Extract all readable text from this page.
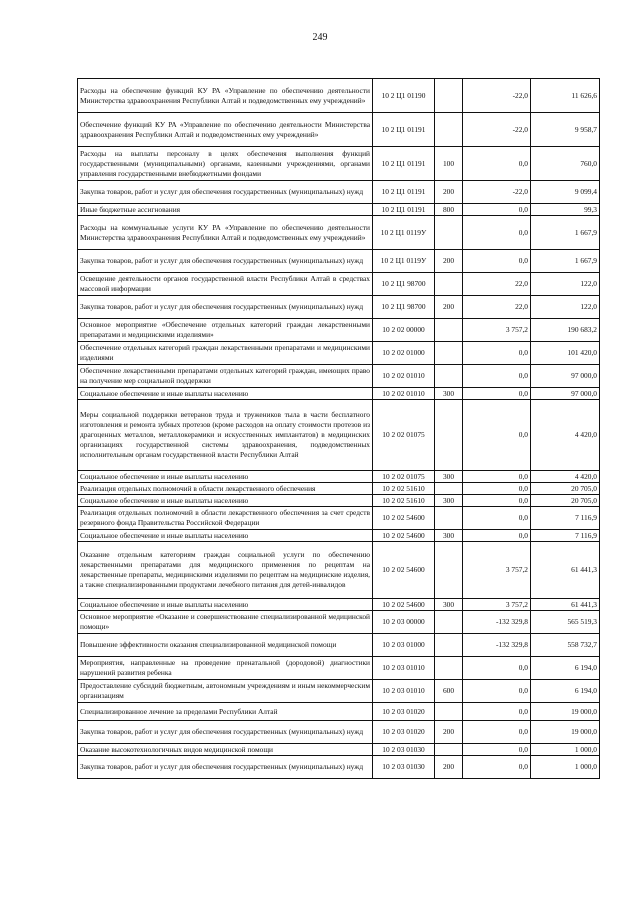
249
Расходы на обеспечение функций КУ РА «Управление по обеспечению деятельности Министерства здравоохранения Республики Алтай и подведомственных ему учреждений»	10 2 Ц1 01190		-22,0	11 626,6
Обеспечение функций КУ РА «Управление по обеспечению деятельности Министерства здравоохранения Республики Алтай и подведомственных ему учреждений»	10 2 Ц1 01191		-22,0	9 958,7
Расходы на выплаты персоналу в целях обеспечения выполнения функций государственными (муниципальными) органами, казенными учреждениями, органами управления государственными внебюджетными фондами	10 2 Ц1 01191	100	0,0	760,0
Закупка товаров, работ и услуг для обеспечения государственных (муниципальных) нужд	10 2 Ц1 01191	200	-22,0	9 099,4
Иные бюджетные ассигнования	10 2 Ц1 01191	800	0,0	99,3
Расходы на коммунальные услуги КУ РА «Управление по обеспечению деятельности Министерства здравоохранения Республики Алтай и подведомственных ему учреждений»	10 2 Ц1 0119У		0,0	1 667,9
Закупка товаров, работ и услуг для обеспечения государственных (муниципальных) нужд	10 2 Ц1 0119У	200	0,0	1 667,9
Освещение деятельности органов государственной власти Республики Алтай в средствах массовой информации	10 2 Ц1 98700		22,0	122,0
Закупка товаров, работ и услуг для обеспечения государственных (муниципальных) нужд	10 2 Ц1 98700	200	22,0	122,0
Основное мероприятие «Обеспечение отдельных категорий граждан лекарственными препаратами и медицинскими изделиями»	10 2 02 00000		3 757,2	190 683,2
Обеспечение отдельных категорий граждан лекарственными препаратами и медицинскими изделиями	10 2 02 01000		0,0	101 420,0
Обеспечение лекарственными препаратами отдельных категорий граждан, имеющих право на получение мер социальной поддержки	10 2 02 01010		0,0	97 000,0
Социальное обеспечение и иные выплаты населению	10 2 02 01010	300	0,0	97 000,0
Меры социальной поддержки ветеранов труда и тружеников тыла в части бесплатного изготовления и ремонта зубных протезов (кроме расходов на оплату стоимости протезов из драгоценных металлов, металлокерамики и искусственных имплантатов) в медицинских организациях государственной системы здравоохранения, подведомственных исполнительным органам государственной власти Республики Алтай	10 2 02 01075		0,0	4 420,0
Социальное обеспечение и иные выплаты населению	10 2 02 01075	300	0,0	4 420,0
Реализация отдельных полномочий в области лекарственного обеспечения	10 2 02 51610		0,0	20 705,0
Социальное обеспечение и иные выплаты населению	10 2 02 51610	300	0,0	20 705,0
Реализация отдельных полномочий в области лекарственного обеспечения за счет средств резервного фонда Правительства Российской Федерации	10 2 02 54600		0,0	7 116,9
Социальное обеспечение и иные выплаты населению	10 2 02 54600	300	0,0	7 116,9
Оказание отдельным категориям граждан социальной услуги по обеспечению лекарственными препаратами для медицинского применения по рецептам на лекарственные препараты, медицинскими изделиями по рецептам на медицинские изделия, а также специализированными продуктами лечебного питания для детей-инвалидов	10 2 02 54600		3 757,2	61 441,3
Социальное обеспечение и иные выплаты населению	10 2 02 54600	300	3 757,2	61 441,3
Основное мероприятие «Оказание и совершенствование специализированной медицинской помощи»	10 2 03 00000		-132 329,8	565 519,3
Повышение эффективности оказания специализированной медицинской помощи	10 2 03 01000		-132 329,8	558 732,7
Мероприятия, направленные на проведение пренатальной (дородовой) диагностики нарушений развития ребенка	10 2 03 01010		0,0	6 194,0
Предоставление субсидий бюджетным, автономным учреждениям и иным некоммерческим организациям	10 2 03 01010	600	0,0	6 194,0
Специализированное лечение за пределами Республики Алтай	10 2 03 01020		0,0	19 000,0
Закупка товаров, работ и услуг для обеспечения государственных (муниципальных) нужд	10 2 03 01020	200	0,0	19 000,0
Оказание высокотехнологичных видов медицинской помощи	10 2 03 01030		0,0	1 000,0
Закупка товаров, работ и услуг для обеспечения государственных (муниципальных) нужд	10 2 03 01030	200	0,0	1 000,0
